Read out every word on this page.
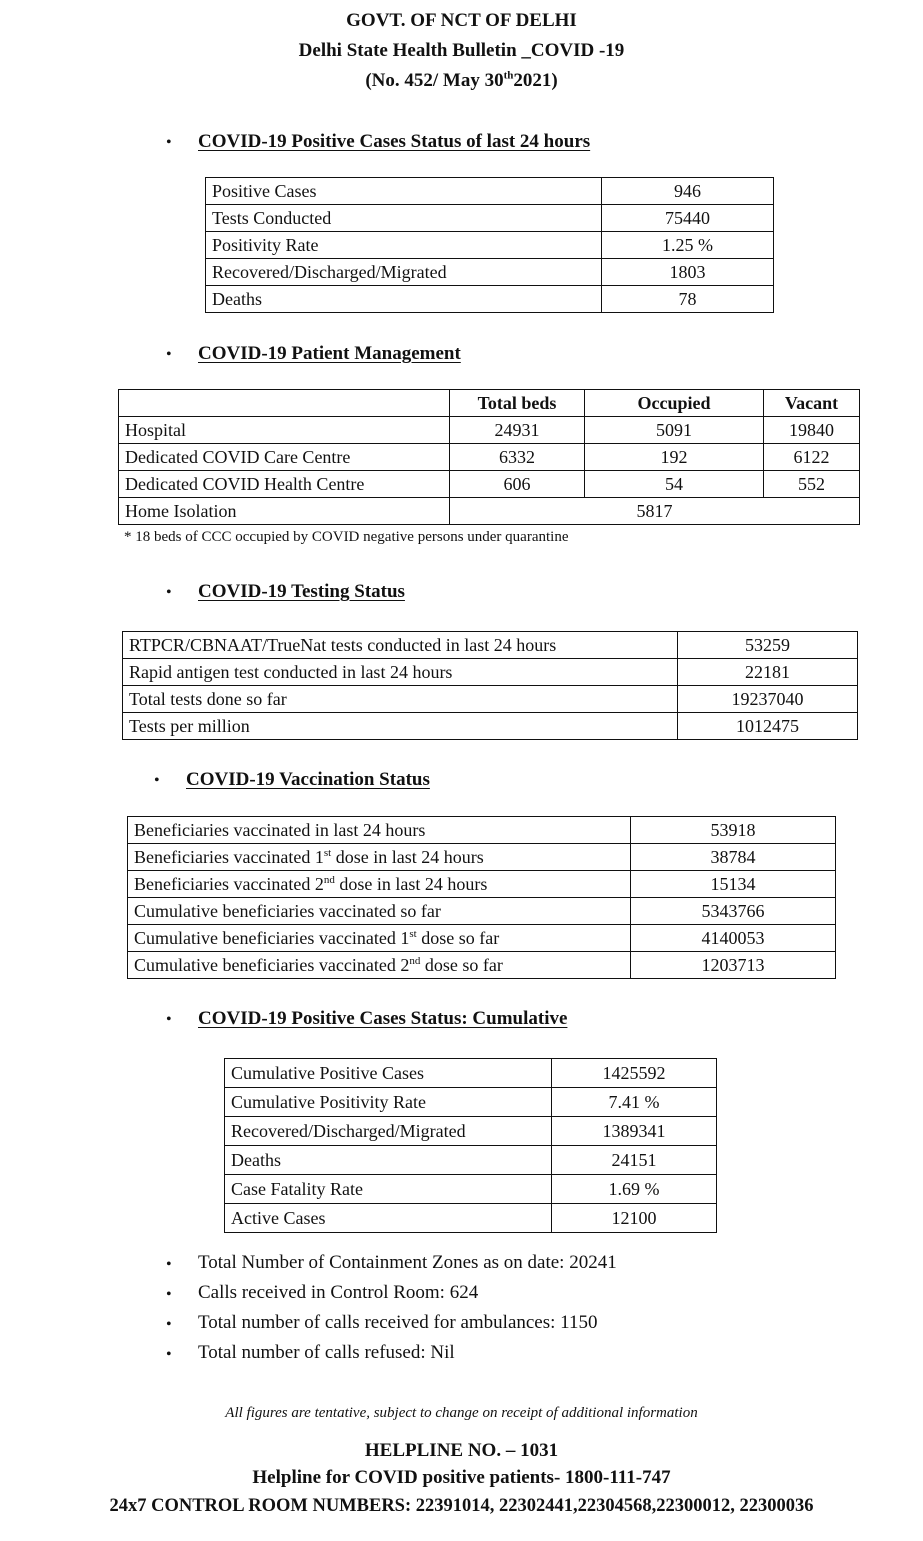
GOVT. OF NCT OF DELHI
Delhi State Health Bulletin _COVID -19
(No. 452/ May 30th2021)
• COVID-19 Positive Cases Status of last 24 hours
Positive Cases	946
Tests Conducted	75440
Positivity Rate	1.25 %
Recovered/Discharged/Migrated	1803
Deaths	78
• COVID-19 Patient Management
	Total beds	Occupied	Vacant
Hospital	24931	5091	19840
Dedicated COVID Care Centre	6332	192	6122
Dedicated COVID Health Centre	606	54	552
Home Isolation	5817		
* 18 beds of CCC occupied by COVID negative persons under quarantine
• COVID-19 Testing Status
RTPCR/CBNAAT/TrueNat tests conducted in last 24 hours	53259
Rapid antigen test conducted in last 24 hours	22181
Total tests done so far	19237040
Tests per million	1012475
• COVID-19 Vaccination Status
Beneficiaries vaccinated in last 24 hours	53918
Beneficiaries vaccinated 1st dose in last 24 hours	38784
Beneficiaries vaccinated 2nd dose in last 24 hours	15134
Cumulative beneficiaries vaccinated so far	5343766
Cumulative beneficiaries vaccinated 1st dose so far	4140053
Cumulative beneficiaries vaccinated 2nd dose so far	1203713
• COVID-19 Positive Cases Status: Cumulative
Cumulative Positive Cases	1425592
Cumulative Positivity Rate	7.41 %
Recovered/Discharged/Migrated	1389341
Deaths	24151
Case Fatality Rate	1.69 %
Active Cases	12100
• Total Number of Containment Zones as on date: 20241
• Calls received in Control Room: 624
• Total number of calls received for ambulances: 1150
• Total number of calls refused: Nil
All figures are tentative, subject to change on receipt of additional information
HELPLINE NO. – 1031
Helpline for COVID positive patients- 1800-111-747
24x7 CONTROL ROOM NUMBERS: 22391014, 22302441,22304568,22300012, 22300036
